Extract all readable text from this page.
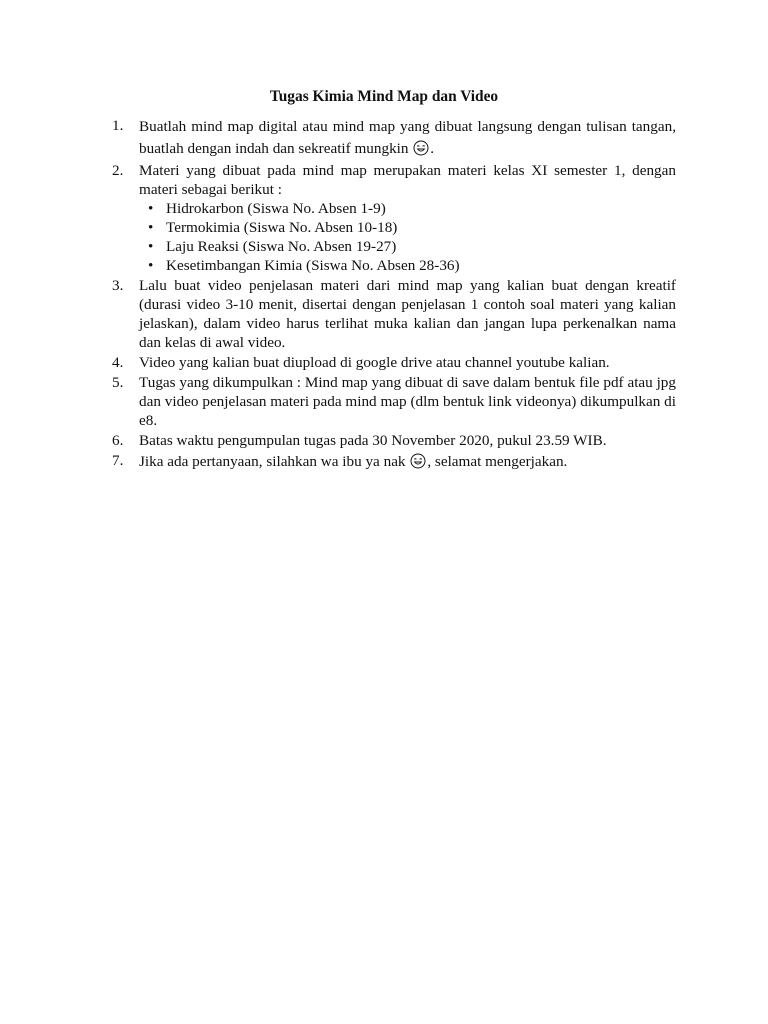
Tugas Kimia Mind Map dan Video
1. Buatlah mind map digital atau mind map yang dibuat langsung dengan tulisan tangan, buatlah dengan indah dan sekreatif mungkin .
2. Materi yang dibuat pada mind map merupakan materi kelas XI semester 1, dengan materi sebagai berikut :
• Hidrokarbon (Siswa No. Absen 1-9)
• Termokimia (Siswa No. Absen 10-18)
• Laju Reaksi (Siswa No. Absen 19-27)
• Kesetimbangan Kimia (Siswa No. Absen 28-36)
3. Lalu buat video penjelasan materi dari mind map yang kalian buat dengan kreatif (durasi video 3-10 menit, disertai dengan penjelasan 1 contoh soal materi yang kalian jelaskan), dalam video harus terlihat muka kalian dan jangan lupa perkenalkan nama dan kelas di awal video.
4. Video yang kalian buat diupload di google drive atau channel youtube kalian.
5. Tugas yang dikumpulkan : Mind map yang dibuat di save dalam bentuk file pdf atau jpg dan video penjelasan materi pada mind map (dlm bentuk link videonya) dikumpulkan di e8.
6. Batas waktu pengumpulan tugas pada 30 November 2020, pukul 23.59 WIB.
7. Jika ada pertanyaan, silahkan wa ibu ya nak , selamat mengerjakan.
